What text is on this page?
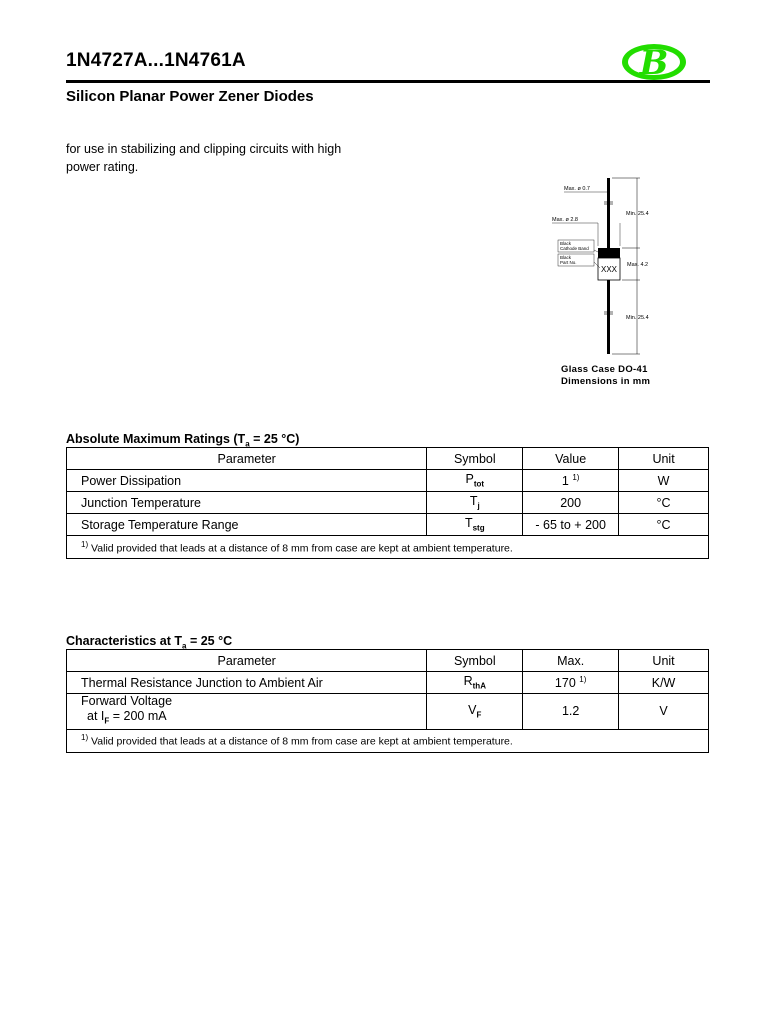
1N4727A...1N4761A	B
Silicon Planar Power Zener Diodes
for use in stabilizing and clipping circuits with high
power rating.
XXX
Min. 25.4
Max. 4.2
Min. 25.4
Max. ø 0.7
Max. ø 2.8
Black
Cathode Band
Black
Part No.
Glass Case DO-41
Dimensions in mm
Absolute Maximum Ratings ($T_a = 25$ °C)
Parameter	Symbol	Value	Unit
Power Dissipation	$P_{tot}$	1 $^{1)}$	W
Junction Temperature	$T_j$	200	°C
Storage Temperature Range	$T_{stg}$	- 65 to + 200	°C
$^{1)}$ Valid provided that leads at a distance of 8 mm from case are kept at ambient temperature.			
Characteristics at $T_a = 25$ °C
Parameter	Symbol	Max.	Unit
Thermal Resistance Junction to Ambient Air	$R_{thA}$	170 $^{1)}$	K/W

Forward Voltage
at $I_F = 200$ mA	$V_F$	1.2	V
$^{1)}$ Valid provided that leads at a distance of 8 mm from case are kept at ambient temperature.			
